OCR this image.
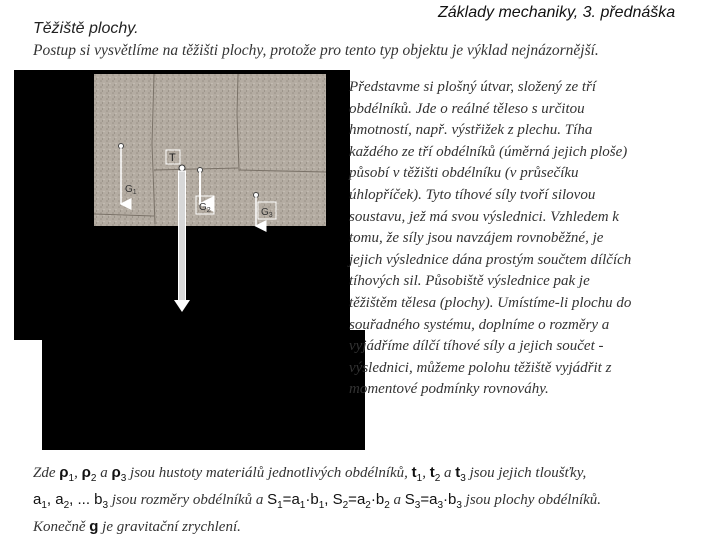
Základy mechaniky, 3. přednáška
Těžiště plochy.
Postup si vysvětlíme na těžišti plochy, protože pro tento typ objektu je výklad nejnázornější.
$G_1$
T
$G_2$	$G_3$
Představme si plošný útvar, složený ze tří
obdélníků. Jde o reálné těleso s určitou
hmotností, např. výstřižek z plechu. Tíha
každého ze tří obdélníků (úměrná jejich ploše)
působí v těžišti obdélníku (v průsečíku
úhlopříček). Tyto tíhové síly tvoří silovou
soustavu, jež má svou výslednici. Vzhledem k
tomu, že síly jsou navzájem rovnoběžné, je
jejich výslednice dána prostým součtem dílčích
tíhových sil. Působiště výslednice pak je
těžištěm tělesa (plochy). Umístíme-li plochu do
souřadného systému, doplníme o rozměry a
vyjádříme dílčí tíhové síly a jejich součet -
výslednici, můžeme polohu těžiště vyjádřit z
momentové podmínky rovnováhy.
Zde $\rho_1$, $\rho_2$ a $\rho_3$ jsou hustoty materiálů jednotlivých obdélníků, $t_1$, $t_2$ a $t_3$ jsou jejich tloušťky,
$a_1$, $a_2$, ... $b_3$ jsou rozměry obdélníků a $S_1=a_1\cdot b_1$, $S_2=a_2\cdot b_2$ a $S_3=a_3\cdot b_3$ jsou plochy obdélníků.
Konečně g je gravitační zrychlení.
